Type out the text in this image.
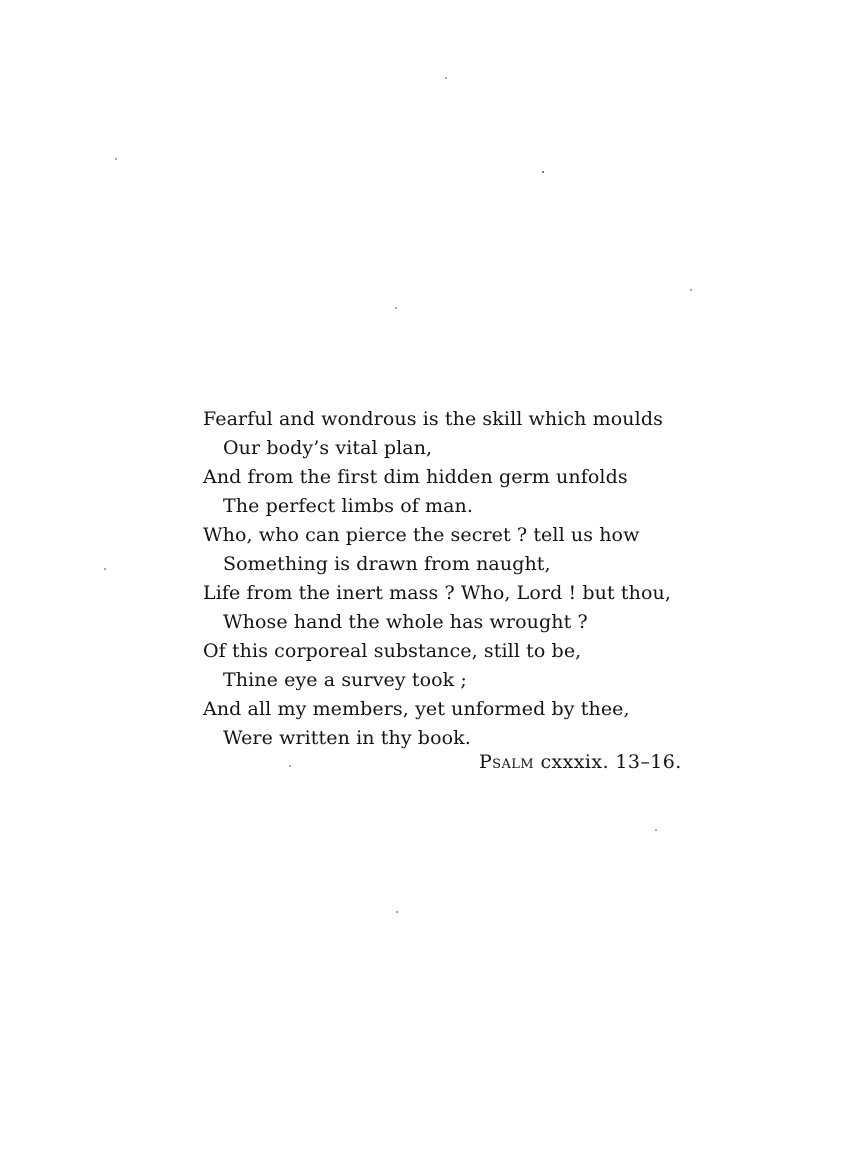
Fearful and wondrous is the skill which moulds
Our body’s vital plan,
And from the first dim hidden germ unfolds
The perfect limbs of man.
Who, who can pierce the secret ? tell us how
Something is drawn from naught,
Life from the inert mass ? Who, Lord ! but thou,
Whose hand the whole has wrought ?
Of this corporeal substance, still to be,
Thine eye a survey took ;
And all my members, yet unformed by thee,
Were written in thy book.
Psalm cxxxix. 13–16.
